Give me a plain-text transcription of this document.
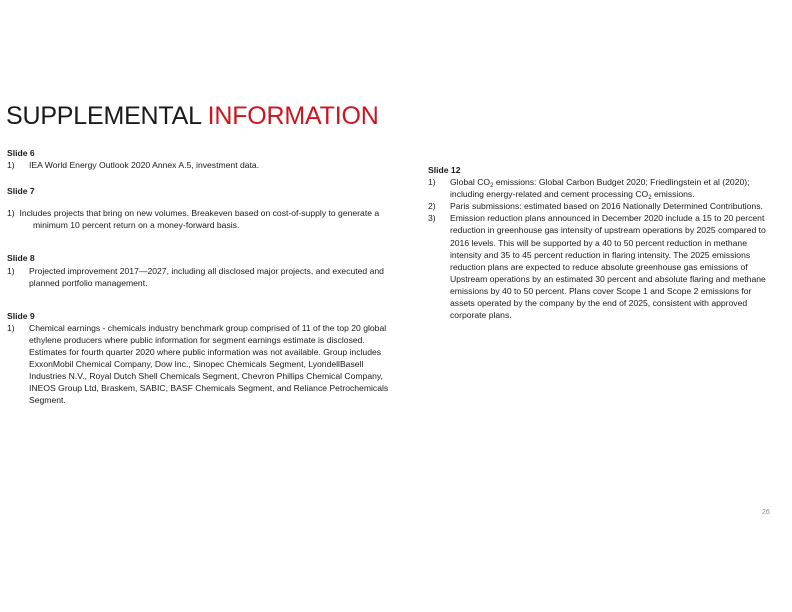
SUPPLEMENTAL INFORMATION
Slide 6
1) IEA World Energy Outlook 2020 Annex A.5, investment data.
Slide 7
1) Includes projects that bring on new volumes. Breakeven based on cost-of-supply to generate a minimum 10 percent return on a money-forward basis.
Slide 8
1) Projected improvement 2017—2027, including all disclosed major projects, and executed and planned portfolio management.
Slide 9
1) Chemical earnings - chemicals industry benchmark group comprised of 11 of the top 20 global ethylene producers where public information for segment earnings estimate is disclosed. Estimates for fourth quarter 2020 where public information was not available. Group includes ExxonMobil Chemical Company, Dow Inc., Sinopec Chemicals Segment, LyondellBasell Industries N.V., Royal Dutch Shell Chemicals Segment, Chevron Phillips Chemical Company, INEOS Group Ltd, Braskem, SABIC, BASF Chemicals Segment, and Reliance Petrochemicals Segment.
Slide 12
1) Global $CO_2$ emissions: Global Carbon Budget 2020; Friedlingstein et al (2020); including energy-related and cement processing $CO_2$ emissions.
2) Paris submissions: estimated based on 2016 Nationally Determined Contributions.
3) Emission reduction plans announced in December 2020 include a 15 to 20 percent reduction in greenhouse gas intensity of upstream operations by 2025 compared to 2016 levels. This will be supported by a 40 to 50 percent reduction in methane intensity and 35 to 45 percent reduction in flaring intensity. The 2025 emissions reduction plans are expected to reduce absolute greenhouse gas emissions of Upstream operations by an estimated 30 percent and absolute flaring and methane emissions by 40 to 50 percent. Plans cover Scope 1 and Scope 2 emissions for assets operated by the company by the end of 2025, consistent with approved corporate plans.
26
